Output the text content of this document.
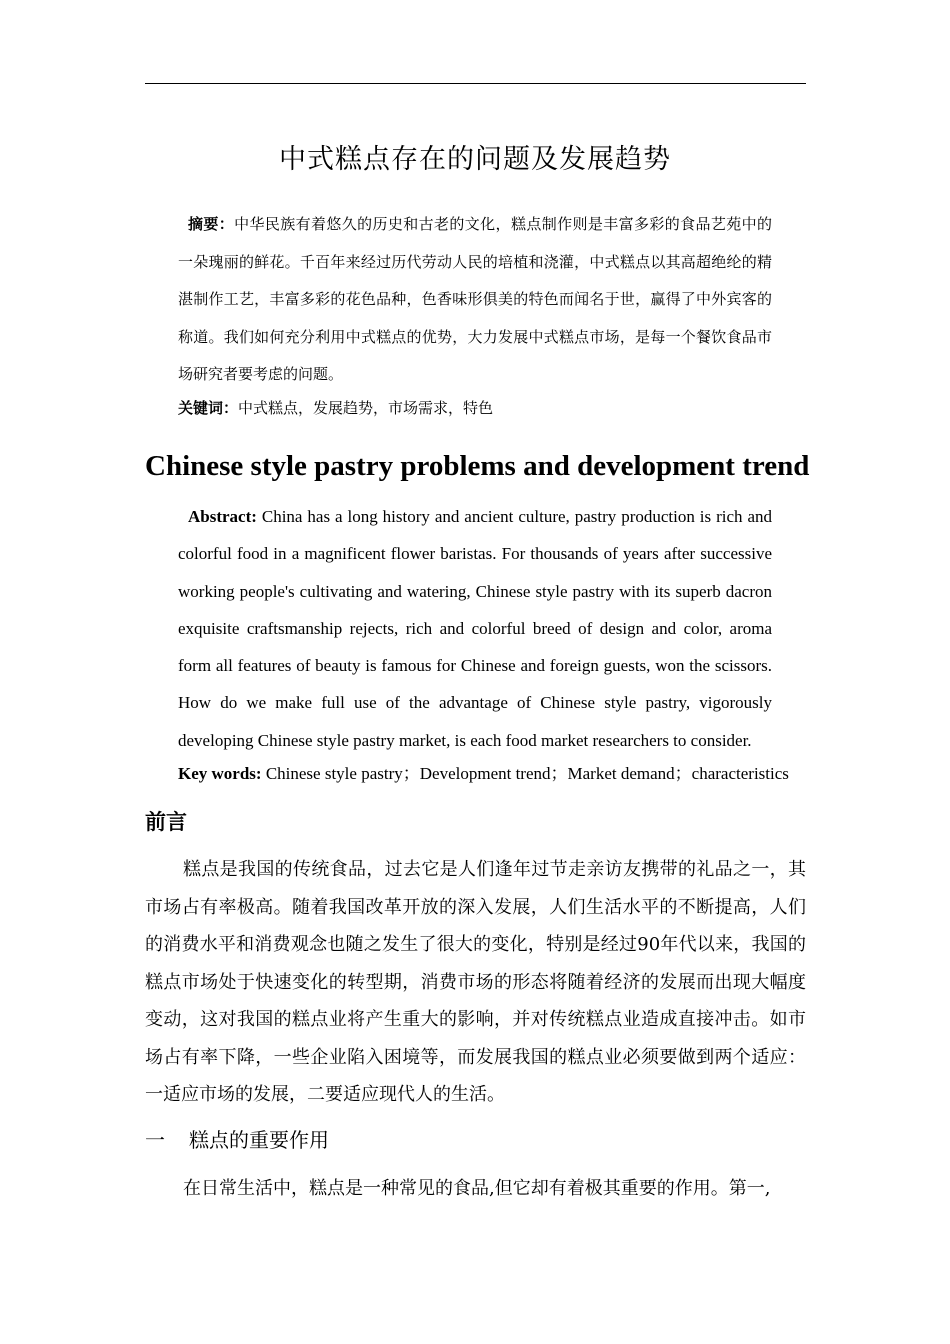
中式糕点存在的问题及发展趋势
摘要：中华民族有着悠久的历史和古老的文化，糕点制作则是丰富多彩的食品艺苑中的一朵瑰丽的鲜花。千百年来经过历代劳动人民的培植和浇灌，中式糕点以其高超绝纶的精湛制作工艺，丰富多彩的花色品种，色香味形俱美的特色而闻名于世，赢得了中外宾客的称道。我们如何充分利用中式糕点的优势，大力发展中式糕点市场，是每一个餐饮食品市场研究者要考虑的问题。
关键词：中式糕点，发展趋势，市场需求，特色
Chinese style pastry problems and development trend
Abstract: China has a long history and ancient culture, pastry production is rich and colorful food in a magnificent flower baristas. For thousands of years after successive working people's cultivating and watering, Chinese style pastry with its superb dacron exquisite craftsmanship rejects, rich and colorful breed of design and color, aroma form all features of beauty is famous for Chinese and foreign guests, won the scissors. How do we make full use of the advantage of Chinese style pastry, vigorously developing Chinese style pastry market, is each food market researchers to consider.
Key words: Chinese style pastry；Development trend；Market demand；characteristics
前言
糕点是我国的传统食品，过去它是人们逢年过节走亲访友携带的礼品之一，其市场占有率极高。随着我国改革开放的深入发展，人们生活水平的不断提高，人们的消费水平和消费观念也随之发生了很大的变化，特别是经过90年代以来，我国的糕点市场处于快速变化的转型期，消费市场的形态将随着经济的发展而出现大幅度变动，这对我国的糕点业将产生重大的影响，并对传统糕点业造成直接冲击。如市场占有率下降，一些企业陷入困境等，而发展我国的糕点业必须要做到两个适应：一适应市场的发展，二要适应现代人的生活。
一 糕点的重要作用
在日常生活中，糕点是一种常见的食品,但它却有着极其重要的作用。第一,
